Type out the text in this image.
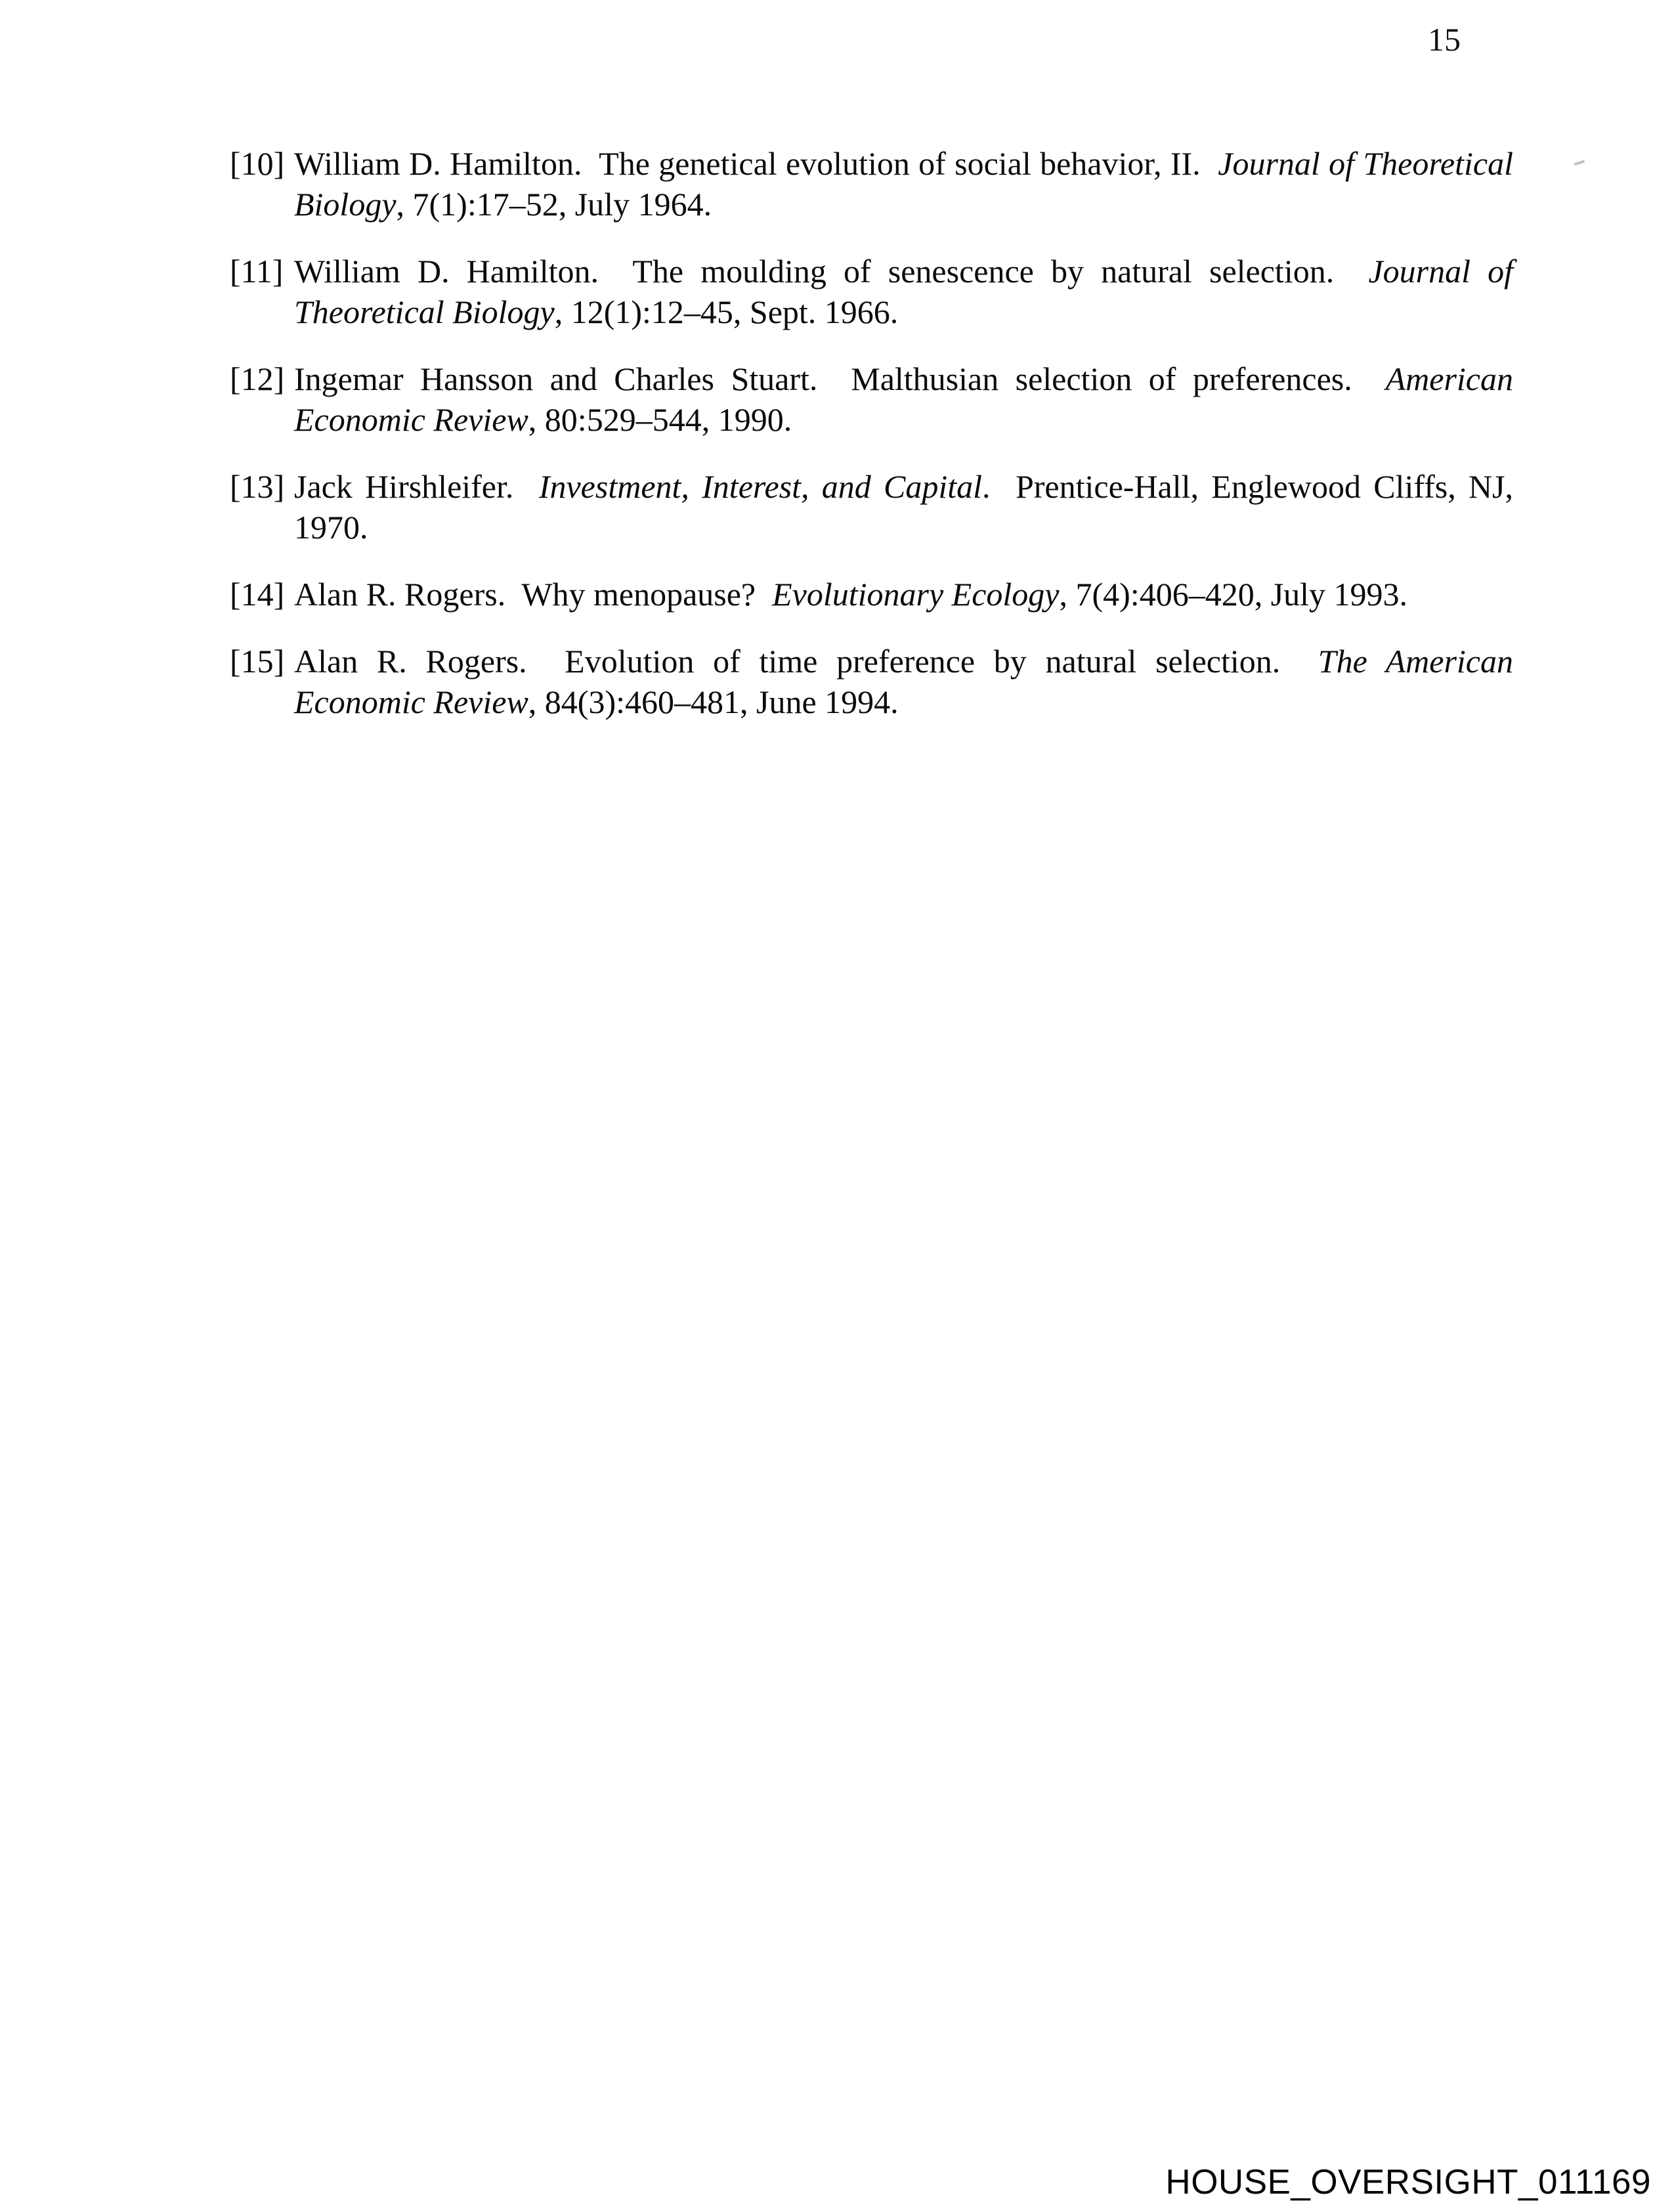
15
[10] William D. Hamilton.  The genetical evolution of social behavior, II.  Journal of Theoretical Biology, 7(1):17–52, July 1964.

[11] William D. Hamilton.  The moulding of senescence by natural selection.  Journal of Theoretical Biology, 12(1):12–45, Sept. 1966.

[12] Ingemar Hansson and Charles Stuart.  Malthusian selection of preferences.  American Economic Review, 80:529–544, 1990.

[13] Jack Hirshleifer.  Investment, Interest, and Capital.  Prentice-Hall, Englewood Cliffs, NJ, 1970.

[14] Alan R. Rogers.  Why menopause?  Evolutionary Ecology, 7(4):406–420, July 1993.

[15] Alan R. Rogers.  Evolution of time preference by natural selection.  The American Economic Review, 84(3):460–481, June 1994.

HOUSE_OVERSIGHT_011169
